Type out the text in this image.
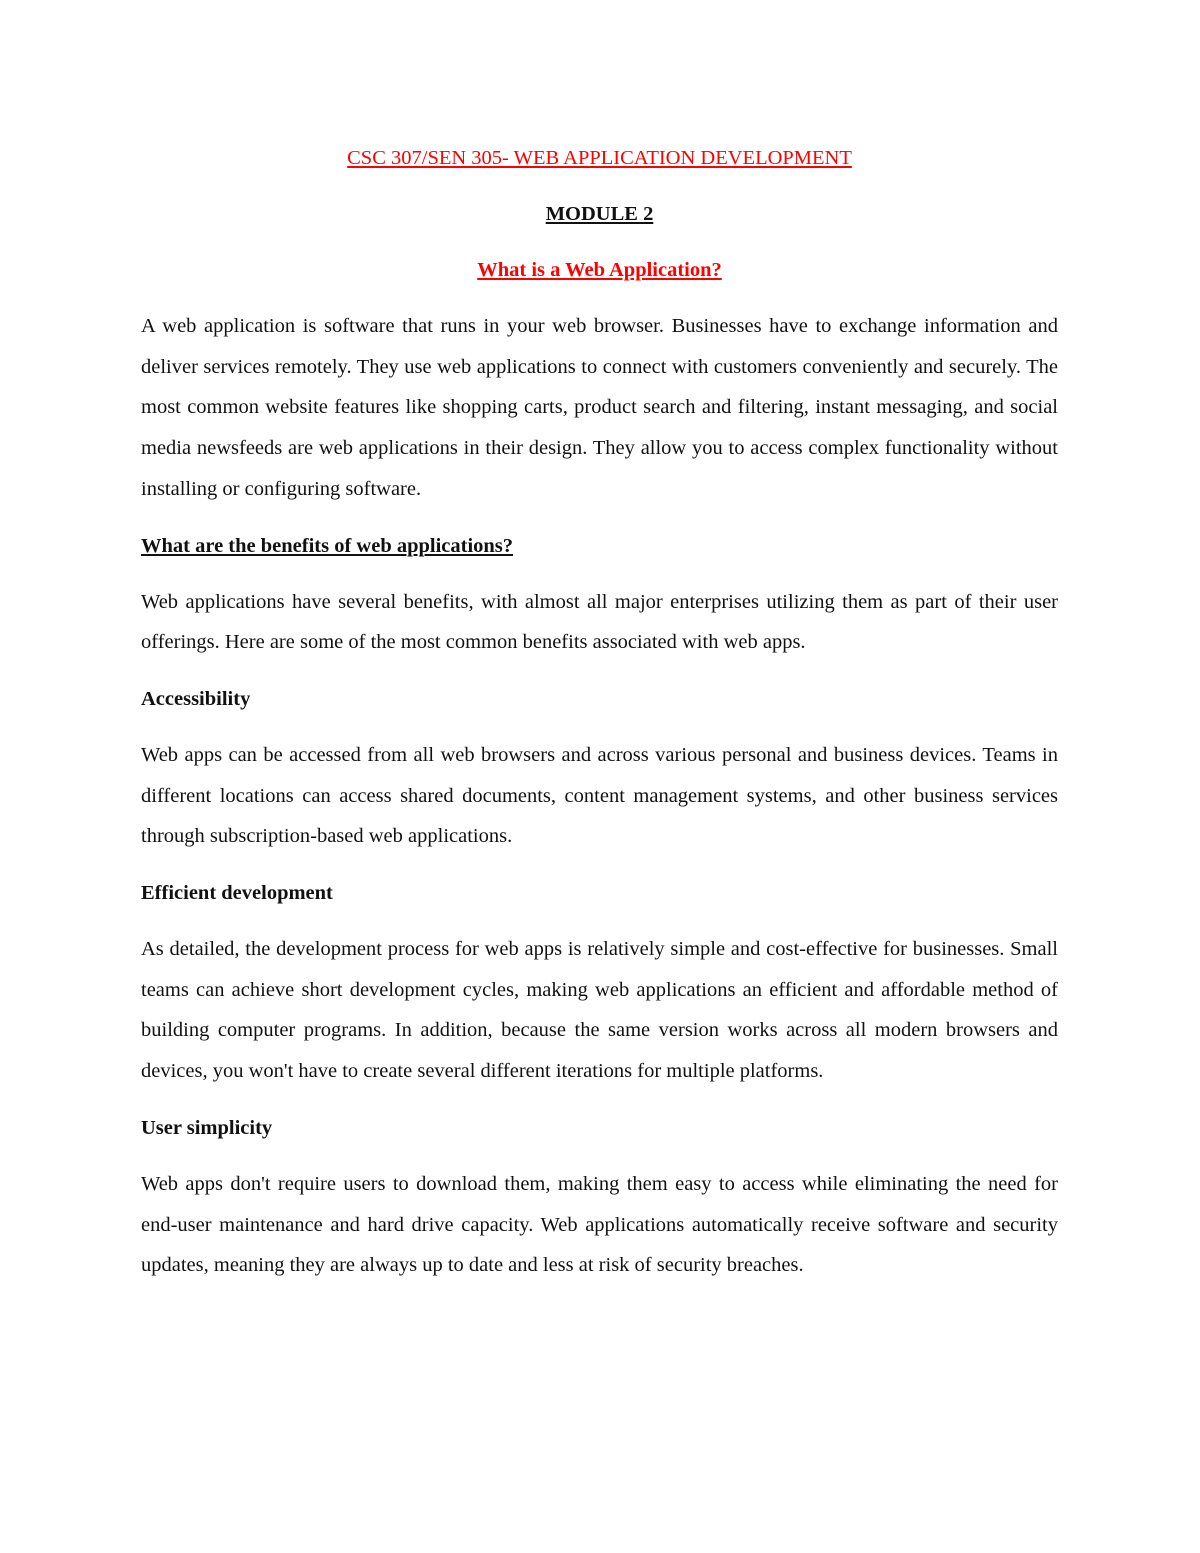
CSC 307/SEN 305- WEB APPLICATION DEVELOPMENT
MODULE 2
What is a Web Application?

A web application is software that runs in your web browser. Businesses have to exchange information and deliver services remotely. They use web applications to connect with customers conveniently and securely. The most common website features like shopping carts, product search and filtering, instant messaging, and social media newsfeeds are web applications in their design. They allow you to access complex functionality without installing or configuring software.

What are the benefits of web applications?

Web applications have several benefits, with almost all major enterprises utilizing them as part of their user offerings. Here are some of the most common benefits associated with web apps.

Accessibility

Web apps can be accessed from all web browsers and across various personal and business devices. Teams in different locations can access shared documents, content management systems, and other business services through subscription-based web applications.

Efficient development

As detailed, the development process for web apps is relatively simple and cost-effective for businesses. Small teams can achieve short development cycles, making web applications an efficient and affordable method of building computer programs. In addition, because the same version works across all modern browsers and devices, you won't have to create several different iterations for multiple platforms.

User simplicity

Web apps don't require users to download them, making them easy to access while eliminating the need for end-user maintenance and hard drive capacity. Web applications automatically receive software and security updates, meaning they are always up to date and less at risk of security breaches.
